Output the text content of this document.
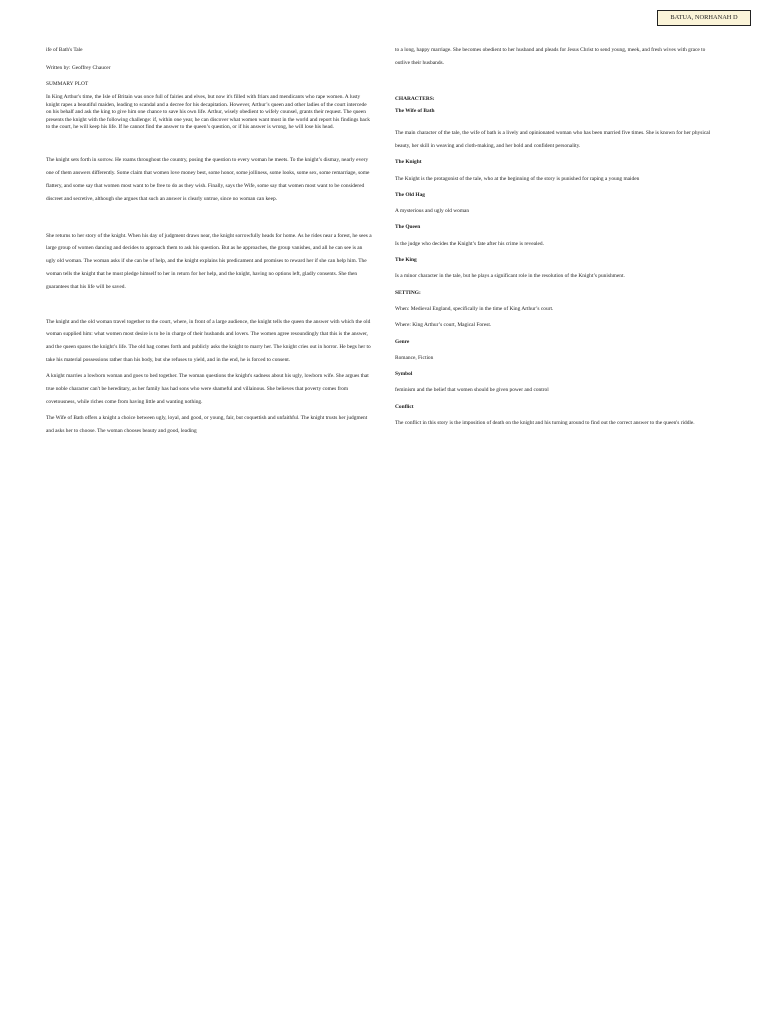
BATUA, NORHANAH D

ife of Bath's Tale

Written by: Geoffrey Chaucer

SUMMARY PLOT

In King Arthur's time, the Isle of Britain was once full of fairies and elves, but now it's filled with friars and mendicants who rape women. A lusty knight rapes a beautiful maiden, leading to scandal and a decree for his decapitation. However, Arthur’s queen and other ladies of the court intercede on his behalf and ask the king to give him one chance to save his own life. Arthur, wisely obedient to wifely counsel, grants their request. The queen presents the knight with the following challenge: if, within one year, he can discover what women want most in the world and report his findings back to the court, he will keep his life. If he cannot find the answer to the queen’s question, or if his answer is wrong, he will lose his head.

The knight sets forth in sorrow. He roams throughout the country, posing the question to every woman he meets. To the knight’s dismay, nearly every one of them answers differently. Some claim that women love money best, some honor, some jolliness, some looks, some sex, some remarriage, some flattery, and some say that women most want to be free to do as they wish. Finally, says the Wife, some say that women most want to be considered discreet and secretive, although she argues that such an answer is clearly untrue, since no woman can keep.

She returns to her story of the knight. When his day of judgment draws near, the knight sorrowfully heads for home. As he rides near a forest, he sees a large group of women dancing and decides to approach them to ask his question. But as he approaches, the group vanishes, and all he can see is an ugly old woman. The woman asks if she can be of help, and the knight explains his predicament and promises to reward her if she can help him. The woman tells the knight that he must pledge himself to her in return for her help, and the knight, having no options left, gladly consents. She then guarantees that his life will be saved.

The knight and the old woman travel together to the court, where, in front of a large audience, the knight tells the queen the answer with which the old woman supplied him: what women most desire is to be in charge of their husbands and lovers. The women agree resoundingly that this is the answer, and the queen spares the knight’s life. The old hag comes forth and publicly asks the knight to marry her. The knight cries out in horror. He begs her to take his material possessions rather than his body, but she refuses to yield, and in the end, he is forced to consent.

A knight marries a lowborn woman and goes to bed together. The woman questions the knight's sadness about his ugly, lowborn wife. She argues that true noble character can't be hereditary, as her family has had sons who were shameful and villainous. She believes that poverty comes from covetousness, while riches come from having little and wanting nothing.

The Wife of Bath offers a knight a choice between ugly, loyal, and good, or young, fair, but coquettish and unfaithful. The knight trusts her judgment and asks her to choose. The woman chooses beauty and good, leading

to a long, happy marriage. She becomes obedient to her husband and pleads for Jesus Christ to send young, meek, and fresh wives with grace to outlive their husbands.

CHARACTERS:

The Wife of Bath

The main character of the tale, the wife of bath is a lively and opinionated woman who has been married five times. She is known for her physical beauty, her skill in weaving and cloth-making, and her bold and confident personality.

The Knight

The Knight is the protagonist of the tale, who at the beginning of the story is punished for raping a young maiden

The Old Hag

A mysterious and ugly old woman

The Queen

Is the judge who decides the Knight’s fate after his crime is revealed.

The King

Is a minor character in the tale, but he plays a significant role in the resolution of the Knight’s punishment.

SETTING:

When: Medieval England, specifically in the time of King Arthur’s court.

Where: King Arthur’s court, Magical Forest.

Genre

Romance, Fiction

Symbol

feminism and the belief that women should be given power and control

Conflict

The conflict in this story is the imposition of death on the knight and his turning around to find out the correct answer to the queen's riddle.
